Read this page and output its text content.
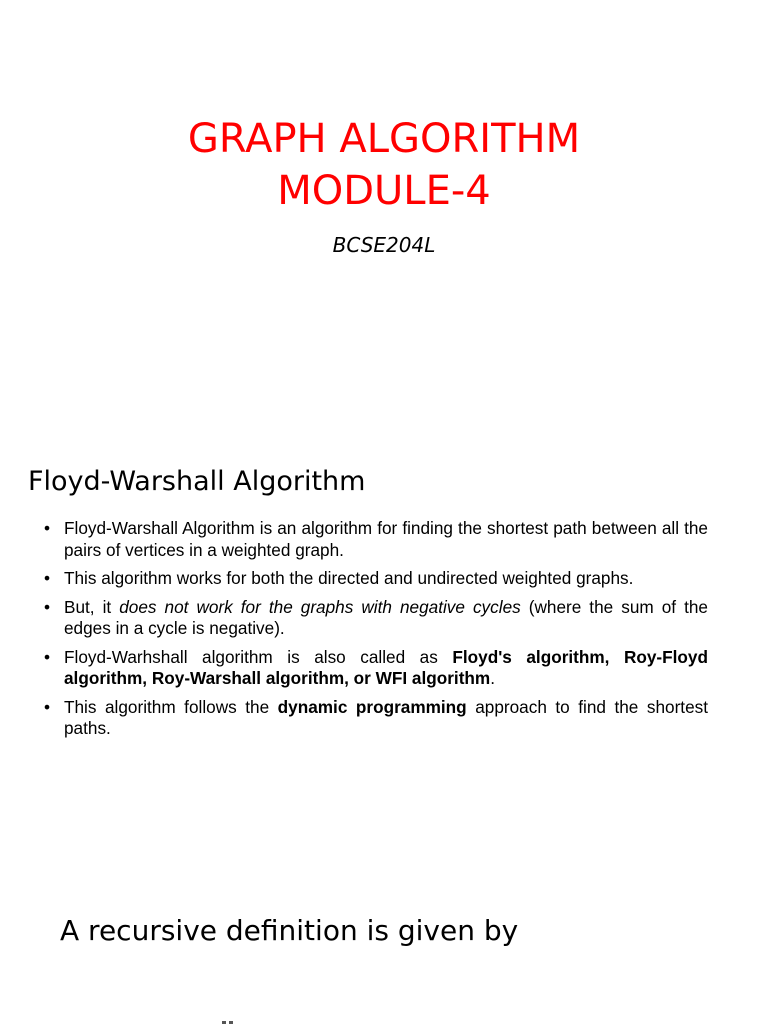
GRAPH ALGORITHM
MODULE-4
BCSE204L
Floyd-Warshall Algorithm
• Floyd-Warshall Algorithm is an algorithm for finding the shortest path between all the pairs of vertices in a weighted graph.
• This algorithm works for both the directed and undirected weighted graphs.
• But, it does not work for the graphs with negative cycles (where the sum of the edges in a cycle is negative).
• Floyd-Warhshall algorithm is also called as Floyd's algorithm, Roy-Floyd algorithm, Roy-Warshall algorithm, or WFI algorithm.
• This algorithm follows the dynamic programming approach to find the shortest paths.
A recursive definition is given by
